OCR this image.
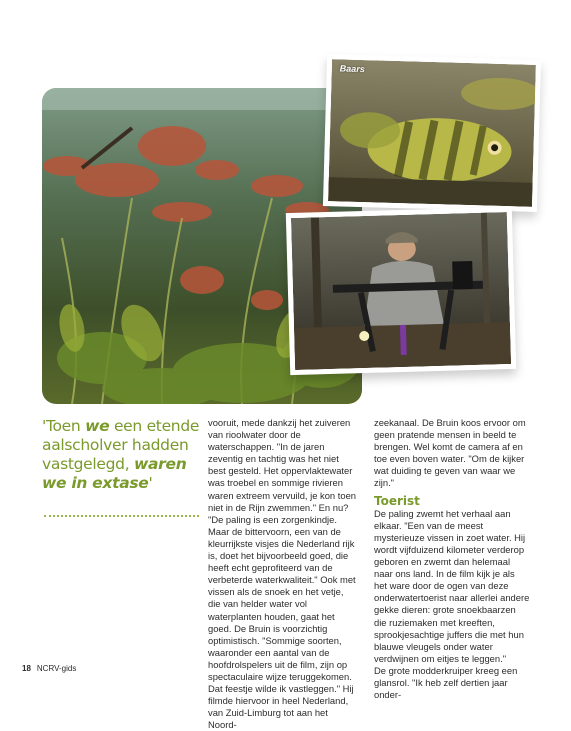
Baars
'Toen we een etende aalscholver hadden vastgelegd, waren we in extase'

vooruit, mede dankzij het zuiveren van rioolwater door de waterschappen. "In de jaren zeventig en tachtig was het niet best gesteld. Het oppervlaktewater was troebel en sommige rivieren waren extreem vervuild, je kon toen niet in de Rijn zwemmen." En nu? "De paling is een zorgenkindje. Maar de bittervoorn, een van de kleurrijkste visjes die Nederland rijk is, doet het bijvoorbeeld goed, die heeft echt geprofiteerd van de verbeterde waterkwaliteit." Ook met vissen als de snoek en het vetje, die van helder water vol waterplanten houden, gaat het goed. De Bruin is voorzichtig optimistisch. "Sommige soorten, waaronder een aantal van de hoofdrolspelers uit de film, zijn op spectaculaire wijze teruggekomen. Dat feestje wilde ik vastleggen." Hij filmde hiervoor in heel Nederland, van Zuid-Limburg tot aan het Noord-

zeekanaal. De Bruin koos ervoor om geen pratende mensen in beeld te brengen. Wel komt de camera af en toe even boven water. "Om de kijker wat duiding te geven van waar we zijn."

Toerist

De paling zwemt het verhaal aan elkaar. "Een van de meest mysterieuze vissen in zoet water. Hij wordt vijfduizend kilometer verderop geboren en zwemt dan helemaal naar ons land. In de film kijk je als het ware door de ogen van deze onderwatertoerist naar allerlei andere gekke dieren: grote snoekbaarzen die ruziemaken met kreeften, sprookjesachtige juffers die met hun blauwe vleugels onder water verdwijnen om eitjes te leggen."

De grote modderkruiper kreeg een glansrol. "Ik heb zelf dertien jaar onder-

18 NCRV-gids
